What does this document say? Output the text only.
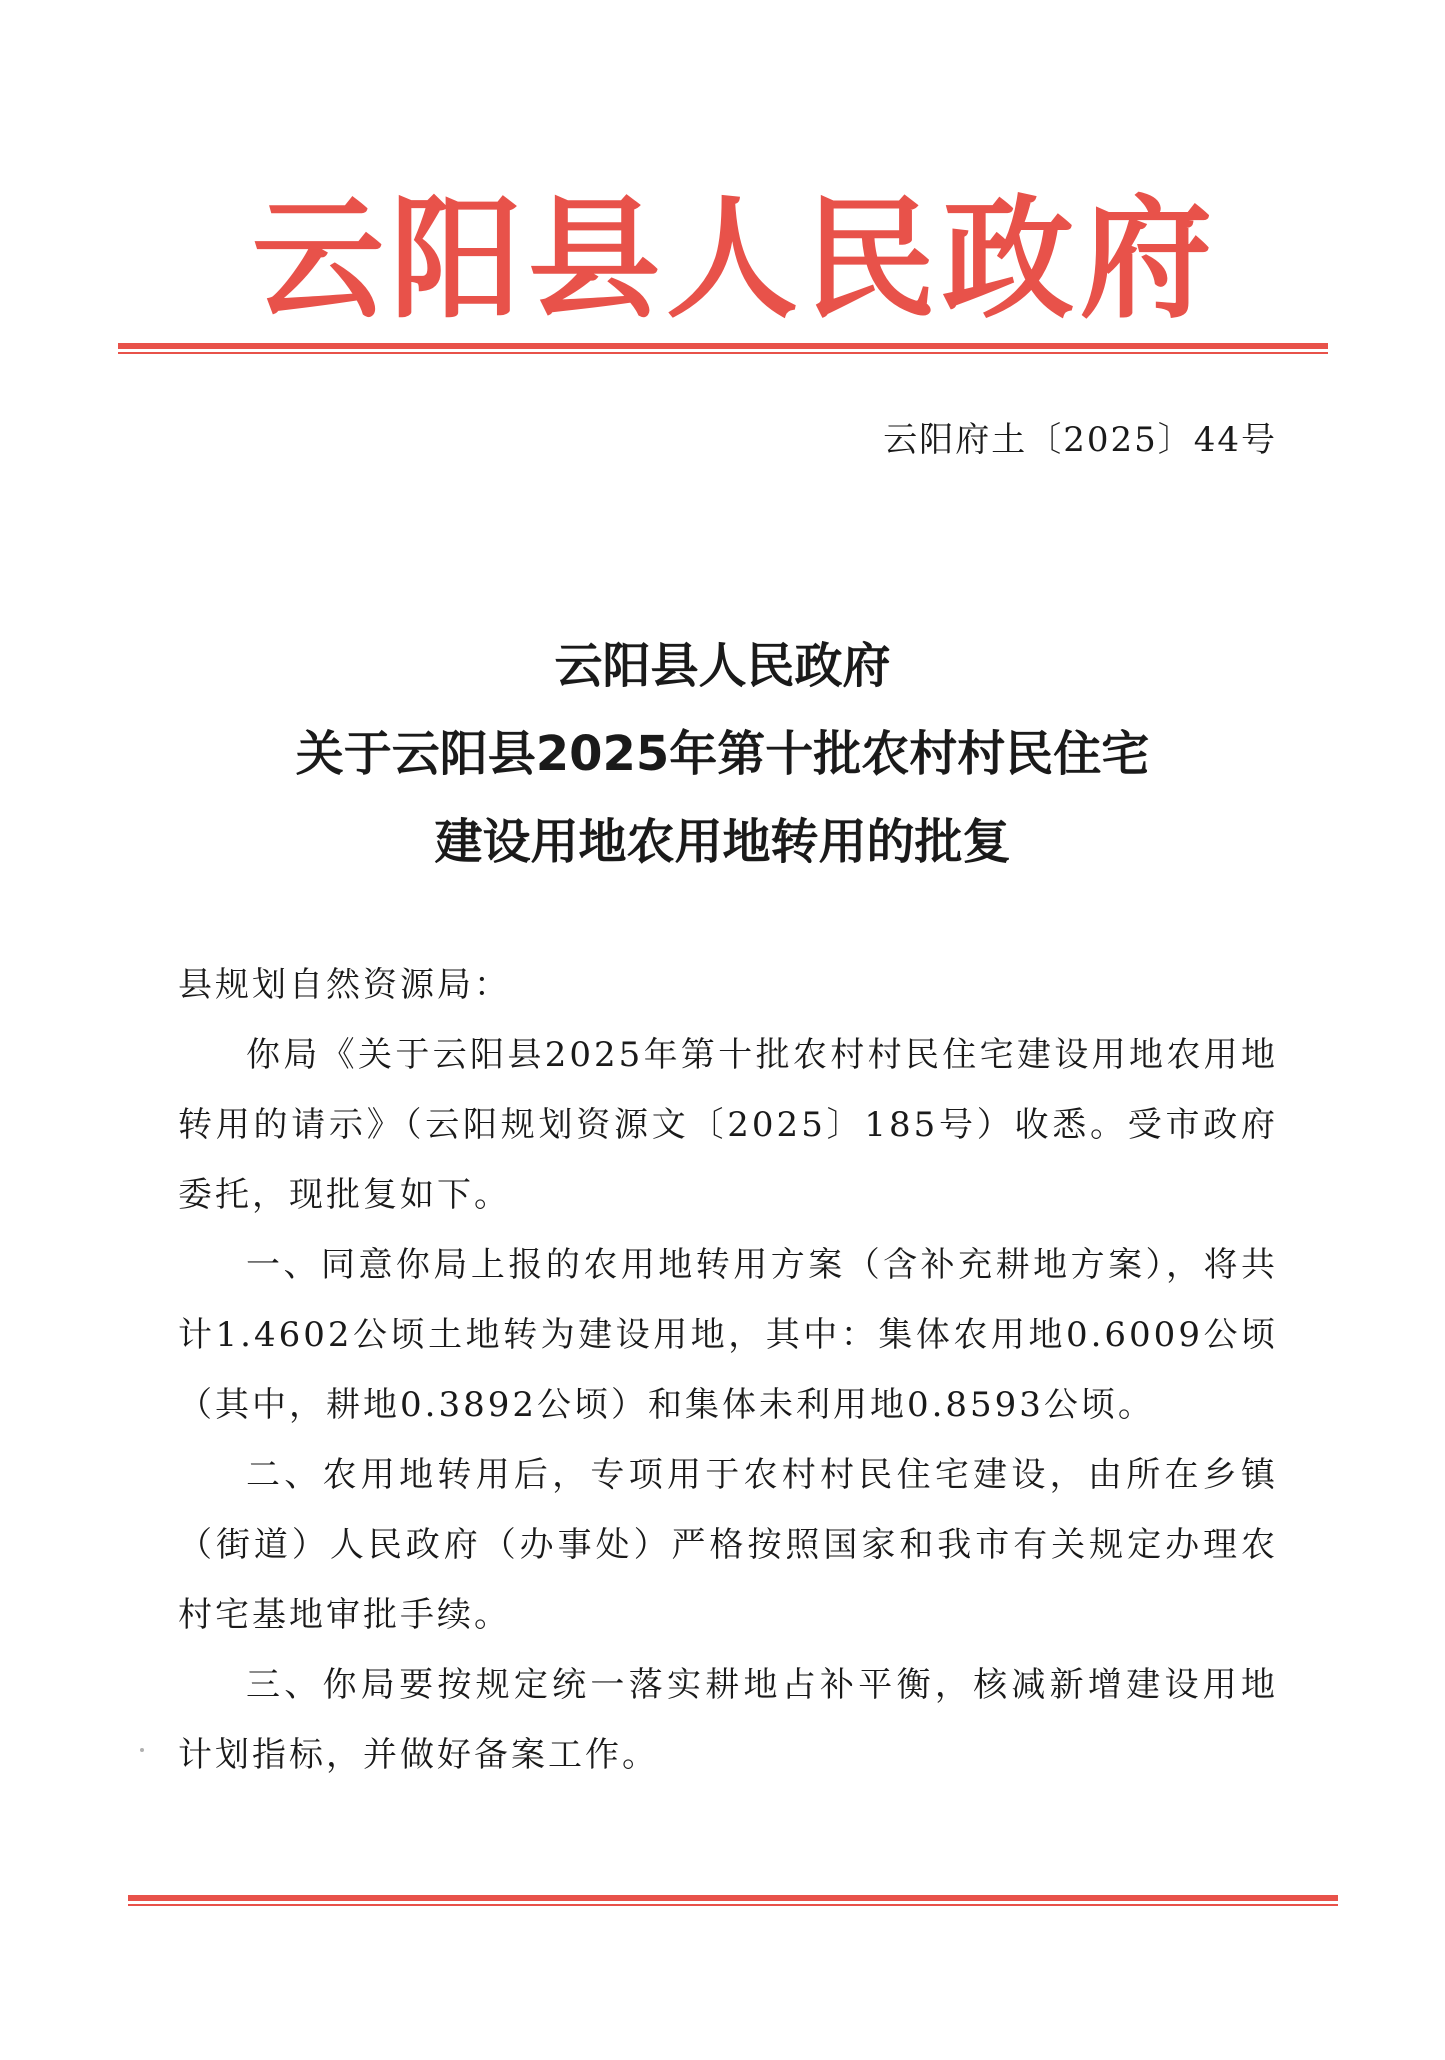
云阳县人民政府
云阳府土〔2025〕44号
云阳县人民政府
关于云阳县2025年第十批农村村民住宅
建设用地农用地转用的批复

县规划自然资源局：

你局《关于云阳县2025年第十批农村村民住宅建设用地农用地转用的请示》（云阳规划资源文〔2025〕185号）收悉。受市政府委托，现批复如下。

一、同意你局上报的农用地转用方案（含补充耕地方案），将共计1.4602公顷土地转为建设用地，其中：集体农用地0.6009公顷（其中，耕地0.3892公顷）和集体未利用地0.8593公顷。

二、农用地转用后，专项用于农村村民住宅建设，由所在乡镇（街道）人民政府（办事处）严格按照国家和我市有关规定办理农村宅基地审批手续。

三、你局要按规定统一落实耕地占补平衡，核减新增建设用地计划指标，并做好备案工作。
